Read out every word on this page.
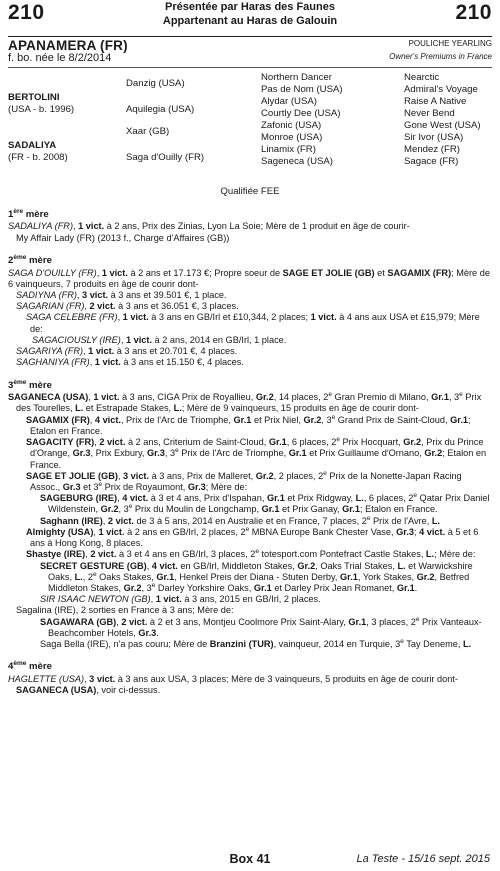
210	210
Présentée par Haras des Faunes
Appartenant au Haras de Galouin
APANAMERA (FR)
f. bo. née le 8/2/2014
POULICHE YEARLING
Owner's Premiums in France
BERTOLINI
(USA - b. 1996)
SADALIYA
(FR - b. 2008)
Danzig (USA)
Aquilegia (USA)
Xaar (GB)
Saga d'Ouilly (FR)
Northern Dancer
Pas de Nom (USA)
Alydar (USA)
Courtly Dee (USA)
Zafonic (USA)
Monroe (USA)
Linamix (FR)
Sageneca (USA)
Nearctic
Admiral's Voyage
Raise A Native
Never Bend
Gone West (USA)
Sir Ivor (USA)
Mendez (FR)
Sagace (FR)
Qualifiée FEE
1ère mère

SADALIYA (FR), 1 vict. à 2 ans, Prix des Zinias, Lyon La Soie; Mère de 1 produit en âge de courir-

My Affair Lady (FR) (2013 f., Charge d'Affaires (GB))

2ème mère

SAGA D'OUILLY (FR), 1 vict. à 2 ans et 17.173 €; Propre soeur de SAGE ET JOLIE (GB) et SAGAMIX (FR); Mère de 6 vainqueurs, 7 produits en âge de courir dont-

SADIYNA (FR), 3 vict. à 3 ans et 39.501 €, 1 place.

SAGARIAN (FR), 2 vict. à 3 ans et 36.051 €, 3 places.

SAGA CELEBRE (FR), 1 vict. à 3 ans en GB/Irl et £10,344, 2 places; 1 vict. à 4 ans aux USA et £15,979; Mère de:

SAGACIOUSLY (IRE), 1 vict. à 2 ans, 2014 en GB/Irl, 1 place.

SAGARIYA (FR), 1 vict. à 3 ans et 20.701 €, 4 places.

SAGHANIYA (FR), 1 vict. à 3 ans et 15.150 €, 4 places.

3ème mère

SAGANECA (USA), 1 vict. à 3 ans, CIGA Prix de Royallieu, Gr.2, 14 places, 2e Gran Premio di Milano, Gr.1, 3e Prix des Tourelles, L. et Estrapade Stakes, L.; Mère de 9 vainqueurs, 15 produits en âge de courir dont-

SAGAMIX (FR), 4 vict., Prix de l'Arc de Triomphe, Gr.1 et Prix Niel, Gr.2, 3e Grand Prix de Saint-Cloud, Gr.1; Etalon en France.

SAGACITY (FR), 2 vict. à 2 ans, Criterium de Saint-Cloud, Gr.1, 6 places, 2e Prix Hocquart, Gr.2, Prix du Prince d'Orange, Gr.3, Prix Exbury, Gr.3, 3e Prix de l'Arc de Triomphe, Gr.1 et Prix Guillaume d'Ornano, Gr.2; Etalon en France.

SAGE ET JOLIE (GB), 3 vict. à 3 ans, Prix de Malleret, Gr.2, 2 places, 2e Prix de la Nonette-Japan Racing Assoc., Gr.3 et 3e Prix de Royaumont, Gr.3; Mère de:

SAGEBURG (IRE), 4 vict. à 3 et 4 ans, Prix d'Ispahan, Gr.1 et Prix Ridgway, L., 6 places, 2e Qatar Prix Daniel Wildenstein, Gr.2, 3e Prix du Moulin de Longchamp, Gr.1 et Prix Ganay, Gr.1; Etalon en France.

Saghann (IRE), 2 vict. de 3 à 5 ans, 2014 en Australie et en France, 7 places, 2e Prix de l'Avre, L.

Almighty (USA), 1 vict. à 2 ans en GB/Irl, 2 places, 2e MBNA Europe Bank Chester Vase, Gr.3; 4 vict. à 5 et 6 ans à Hong Kong, 8 places.

Shastye (IRE), 2 vict. à 3 et 4 ans en GB/Irl, 3 places, 2e totesport.com Pontefract Castle Stakes, L.; Mère de:

SECRET GESTURE (GB), 4 vict. en GB/Irl, Middleton Stakes, Gr.2, Oaks Trial Stakes, L. et Warwickshire Oaks, L., 2e Oaks Stakes, Gr.1, Henkel Preis der Diana - Stuten Derby, Gr.1, York Stakes, Gr.2, Betfred Middleton Stakes, Gr.2, 3e Darley Yorkshire Oaks, Gr.1 et Darley Prix Jean Romanet, Gr.1.

SIR ISAAC NEWTON (GB), 1 vict. à 3 ans, 2015 en GB/Irl, 2 places.

Sagalina (IRE), 2 sorties en France à 3 ans; Mère de:

SAGAWARA (GB), 2 vict. à 2 et 3 ans, Montjeu Coolmore Prix Saint-Alary, Gr.1, 3 places, 2e Prix Vanteaux-Beachcomber Hotels, Gr.3.

Saga Bella (IRE), n'a pas couru; Mère de Branzini (TUR), vainqueur, 2014 en Turquie, 3e Tay Deneme, L.

4ème mère

HAGLETTE (USA), 3 vict. à 3 ans aux USA, 3 places; Mère de 3 vainqueurs, 5 produits en âge de courir dont-

SAGANECA (USA), voir ci-dessus.

Box 41	La Teste - 15/16 sept. 2015
